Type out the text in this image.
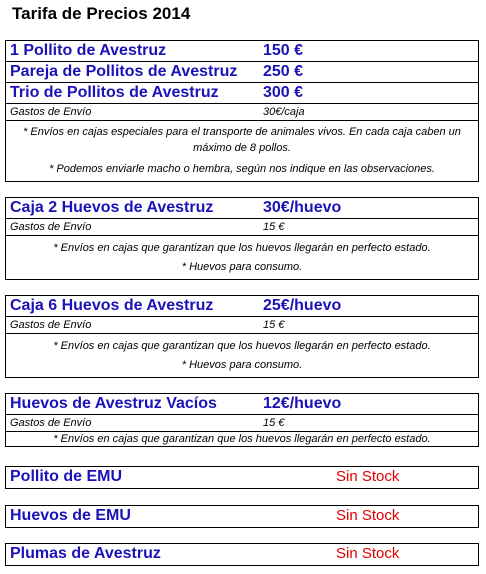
Tarifa de Precios 2014
1 Pollito de Avestruz	150 €
Pareja de Pollitos de Avestruz 250 €
Trio de Pollitos de Avestruz	300 €
Gastos de Envío	30€/caja
* Envíos en cajas especiales para el transporte de animales vivos. En cada caja caben un máximo de 8 pollos.
* Podemos enviarle macho o hembra, según nos indique en las observaciones.
Caja 2 Huevos de Avestruz	30€/huevo
Gastos de Envío	15 €
* Envíos en cajas que garantizan que los huevos llegarán en perfecto estado.
* Huevos para consumo.
Caja 6 Huevos de Avestruz	25€/huevo
Gastos de Envío	15 €
* Envíos en cajas que garantizan que los huevos llegarán en perfecto estado.
* Huevos para consumo.
Huevos de Avestruz Vacíos	12€/huevo
Gastos de Envío	15 €
* Envíos en cajas que garantizan que los huevos llegarán en perfecto estado.
Pollito de EMU	Sin Stock
Huevos de EMU	Sin Stock
Plumas de Avestruz	Sin Stock
